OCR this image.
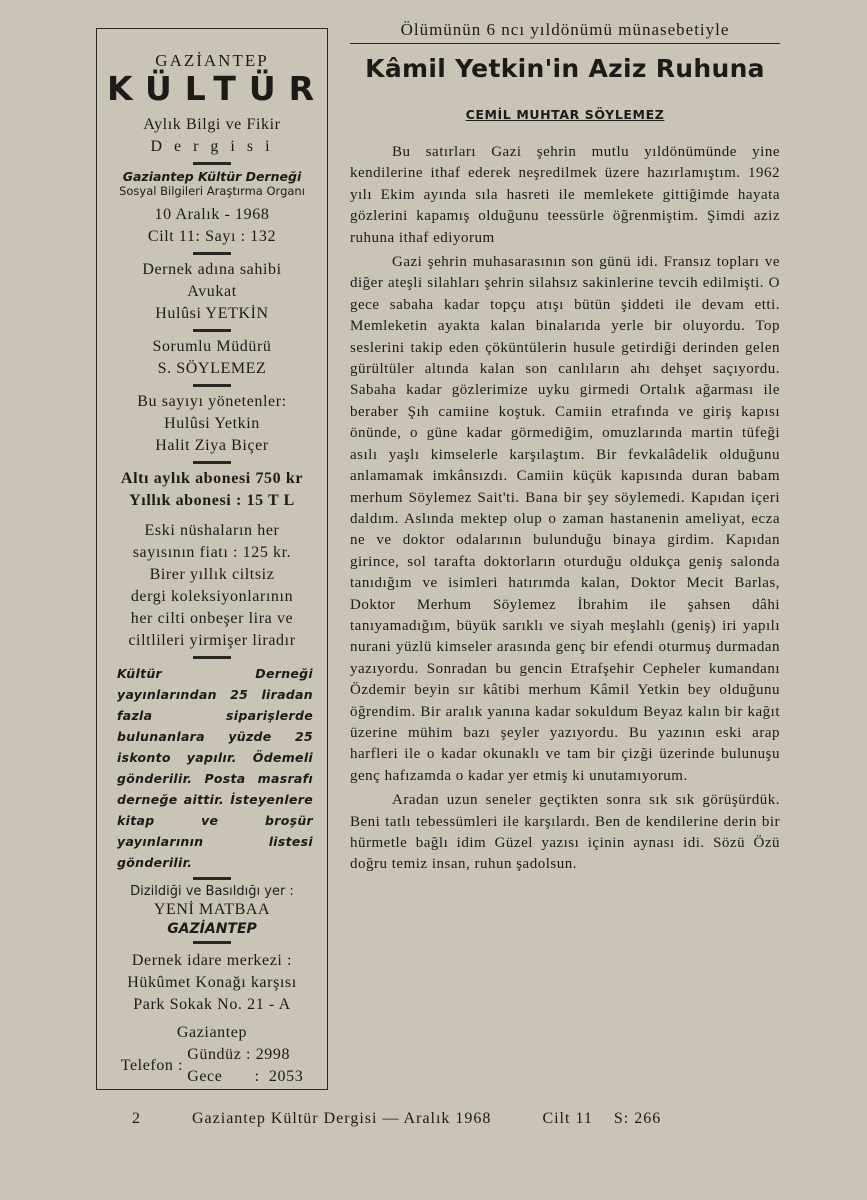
GAZİANTEP

KÜLTÜR

Aylık Bilgi ve Fikir

D e r g i s i

Gaziantep Kültür Derneği

Sosyal Bilgileri Araştırma Organı

10 Aralık - 1968

Cilt 11: Sayı : 132

Dernek adına sahibi

Avukat

Hulûsi YETKİN

Sorumlu Müdürü

S. SÖYLEMEZ

Bu sayıyı yönetenler:

Hulûsi Yetkin

Halit Ziya Biçer

Altı aylık abonesi 750 kr

Yıllık abonesi : 15 T L

Eski nüshaların her

sayısının fiatı : 125 kr.

Birer yıllık ciltsiz

dergi koleksiyonlarının

her cilti onbeşer lira ve

ciltlileri yirmişer liradır

Kültür Derneği yayınlarından 25 liradan fazla siparişlerde bulunanlara yüzde 25 iskonto yapılır. Ödemeli gönderilir. Posta masrafı derneğe aittir. İsteyenlere kitap ve broşür yayınlarının listesi gönderilir.

Dizildiği ve Basıldığı yer :

YENİ MATBAA

GAZİANTEP

Dernek idare merkezi :

Hükûmet Konağı karşısı

Park Sokak No. 21 - A

Gaziantep

Telefon :
Gündüz : 2998
Gece       :  2053
Ölümünün 6 ncı yıldönümü münasebetiyle
Kâmil Yetkin'in Aziz Ruhuna
CEMİL MUHTAR SÖYLEMEZ

Bu satırları Gazi şehrin mutlu yıldönümünde yine kendilerine ithaf ederek neşredilmek üzere hazırlamıştım. 1962 yılı Ekim ayında sıla hasreti ile memlekete gittiğimde hayata gözlerini kapamış olduğunu teessürle öğrenmiştim. Şimdi aziz ruhuna ithaf ediyorum

Gazi şehrin muhasarasının son günü idi. Fransız topları ve diğer ateşli silahları şehrin silahsız sakinlerine tevcih edilmişti. O gece sabaha kadar topçu atışı bütün şiddeti ile devam etti. Memleketin ayakta kalan binalarıda yerle bir oluyordu. Top seslerini takip eden çöküntülerin husule getirdiği derinden gelen gürültüler altında kalan son canlıların ahı dehşet saçıyordu. Sabaha kadar gözlerimize uyku girmedi Ortalık ağarması ile beraber Şıh camiine koştuk. Camiin etrafında ve giriş kapısı önünde, o güne kadar görmediğim, omuzlarında martin tüfeği asılı yaşlı kimselerle karşılaştım. Bir fevkalâdelik olduğunu anlamamak imkânsızdı. Camiin küçük kapısında duran babam merhum Söylemez Sait'ti. Bana bir şey söylemedi. Kapıdan içeri daldım. Aslında mektep olup o zaman hastanenin ameliyat, ecza ne ve doktor odalarının bulunduğu binaya girdim. Kapıdan girince, sol tarafta doktorların oturduğu oldukça geniş salonda tanıdığım ve isimleri hatırımda kalan, Doktor Mecit Barlas, Doktor Merhum Söylemez İbrahim ile şahsen dâhi tanıyamadığım, büyük sarıklı ve siyah meşlahlı (geniş) iri yapılı nurani yüzlü kimseler arasında genç bir efendi oturmuş durmadan yazıyordu. Sonradan bu gencin Etrafşehir Cepheler kumandanı Özdemir beyin sır kâtibi merhum Kâmil Yetkin bey olduğunu öğrendim. Bir aralık yanına kadar sokuldum Beyaz kalın bir kağıt üzerine mühim bazı şeyler yazıyordu. Bu yazının eski arap harfleri ile o kadar okunaklı ve tam bir çizği üzerinde bulunuşu genç hafızamda o kadar yer etmiş ki unutamıyorum.

Aradan uzun seneler geçtikten sonra sık sık görüşürdük. Beni tatlı tebessümleri ile karşılardı. Ben de kendilerine derin bir hürmetle bağlı idim Güzel yazısı içinin aynası idi. Sözü Özü doğru temiz insan, ruhun şadolsun.

2	Gaziantep Kültür Dergisi — Aralık 1968	Cilt 11 S: 266
